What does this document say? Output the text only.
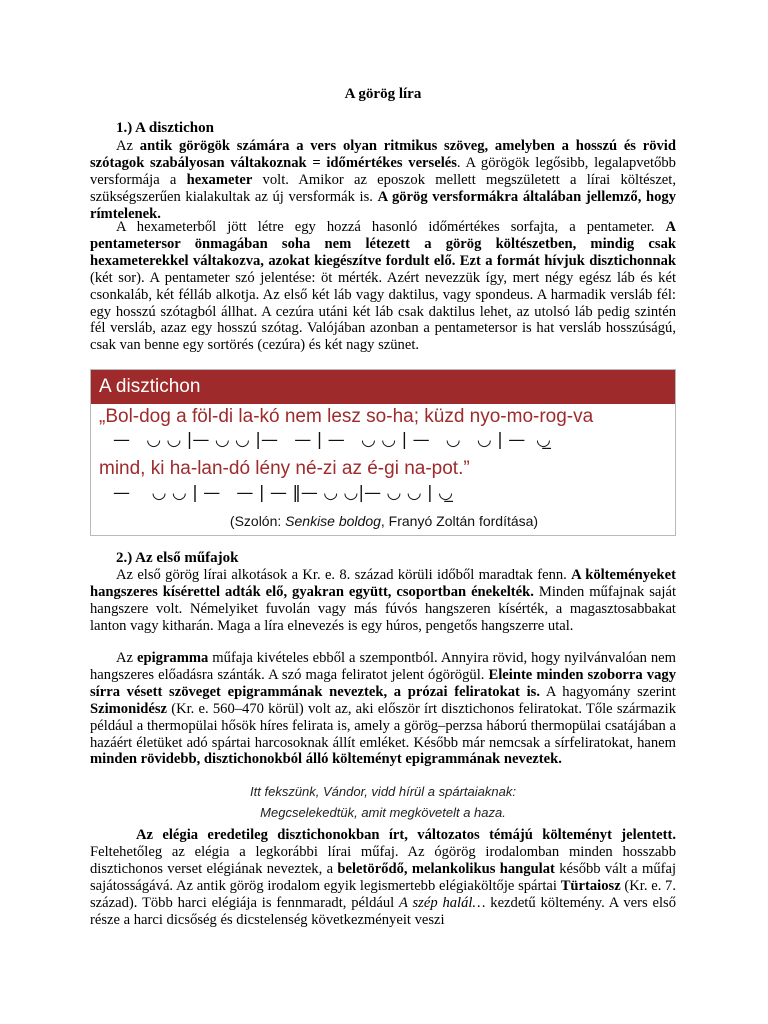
A görög líra
1.) A disztichon

Az antik görögök számára a vers olyan ritmikus szöveg, amelyben a hosszú és rövid szótagok szabályosan váltakoznak = időmértékes verselés. A görögök legősibb, legalapvetőbb versformája a hexameter volt. Amikor az eposzok mellett megszületett a lírai költészet, szükségszerűen kialakultak az új versformák is. A görög versformákra általában jellemző, hogy rímtelenek.

A hexameterből jött létre egy hozzá hasonló időmértékes sorfajta, a pentameter. A pentametersor önmagában soha nem létezett a görög költészetben, mindig csak hexameterekkel váltakozva, azokat kiegészítve fordult elő. Ezt a formát hívjuk disztichonnak (két sor). A pentameter szó jelentése: öt mérték. Azért nevezzük így, mert négy egész láb és két csonkaláb, két félláb alkotja. Az első két láb vagy daktilus, vagy spondeus. A harmadik versláb fél: egy hosszú szótagból állhat. A cezúra utáni két láb csak daktilus lehet, az utolsó láb pedig szintén fél versláb, azaz egy hosszú szótag. Valójában azonban a pentametersor is hat versláb hosszúságú, csak van benne egy sortörés (cezúra) és két nagy szünet.

A disztichon
„Bol-dog a föl-di la-kó nem lesz so-ha; küzd nyo-mo-rog-va
—   ◡ ◡ |— ◡ ◡ |—   — | —   ◡ ◡ | —   ◡   ◡ | —  ◡̲
mind, ki ha-lan-dó lény né-zi az é-gi na-pot.”
—    ◡ ◡ | —   — | — ‖— ◡ ◡|— ◡ ◡ | ◡̲
(Szolón: Senkise boldog, Franyó Zoltán fordítása)
2.) Az első műfajok

Az első görög lírai alkotások a Kr. e. 8. század körüli időből maradtak fenn. A költeményeket hangszeres kísérettel adták elő, gyakran együtt, csoportban énekelték. Minden műfajnak saját hangszere volt. Némelyiket fuvolán vagy más fúvós hangszeren kísérték, a magasztosabbakat lanton vagy kitharán. Maga a líra elnevezés is egy húros, pengetős hangszerre utal.

Az epigramma műfaja kivételes ebből a szempontból. Annyira rövid, hogy nyilvánvalóan nem hangszeres előadásra szánták. A szó maga feliratot jelent ógörögül. Eleinte minden szoborra vagy sírra vésett szöveget epigrammának neveztek, a prózai feliratokat is. A hagyomány szerint Szimonidész (Kr. e. 560–470 körül) volt az, aki először írt disztichonos feliratokat. Tőle származik például a thermopülai hősök híres felirata is, amely a görög–perzsa háború thermopülai csatájában a hazáért életüket adó spártai harcosoknak állít emléket. Később már nemcsak a sírfeliratokat, hanem minden rövidebb, disztichonokból álló költeményt epigrammának neveztek.

Itt fekszünk, Vándor, vidd hírül a spártaiaknak:
Megcselekedtük, amit megkövetelt a haza.

Az elégia eredetileg disztichonokban írt, változatos témájú költeményt jelentett. Feltehetőleg az elégia a legkorábbi lírai műfaj. Az ógörög irodalomban minden hosszabb disztichonos verset elégiának neveztek, a beletörődő, melankolikus hangulat később vált a műfaj sajátosságává. Az antik görög irodalom egyik legismertebb elégiaköltője spártai Türtaiosz (Kr. e. 7. század). Több harci elégiája is fennmaradt, például A szép halál… kezdetű költemény. A vers első része a harci dicsőség és dicstelenség következményeit veszi
